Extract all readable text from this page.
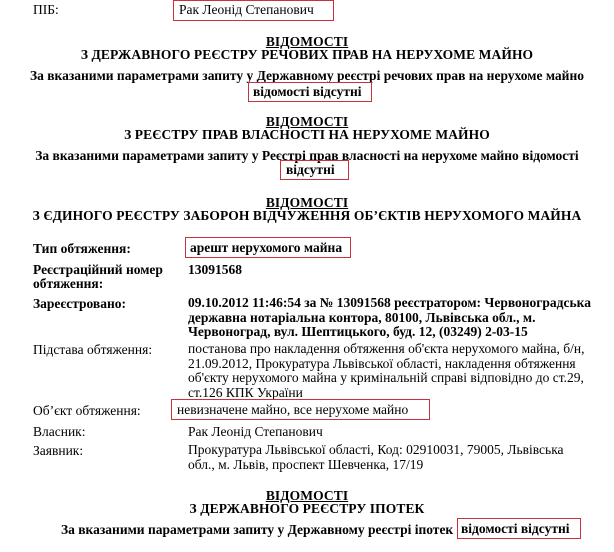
ПІБ:	Рак Леонід Степанович
ВІДОМОСТІ
З ДЕРЖАВНОГО РЕЄСТРУ РЕЧОВИХ ПРАВ НА НЕРУХОМЕ МАЙНО
За вказаними параметрами запиту у Державному реєстрі речових прав на нерухоме майно
відомості відсутні
ВІДОМОСТІ
З РЕЄСТРУ ПРАВ ВЛАСНОСТІ НА НЕРУХОМЕ МАЙНО
За вказаними параметрами запиту у Реєстрі прав власності на нерухоме майно відомості
відсутні
ВІДОМОСТІ
З ЄДИНОГО РЕЄСТРУ ЗАБОРОН ВІДЧУЖЕННЯ ОБ’ЄКТІВ НЕРУХОМОГО МАЙНА
Тип обтяження:	арешт нерухомого майна
Реєстраційний номер
обтяження:
13091568
Зареєстровано:	09.10.2012 11:46:54 за № 13091568 реєстратором: Червоноградська
державна нотаріальна контора, 80100, Львівська обл., м.
Червоноград, вул. Шептицького, буд. 12, (03249) 2-03-15
Підстава обтяження:	постанова про накладення обтяження об'єкта нерухомого майна, б/н,
21.09.2012, Прокуратура Львівської області, накладення обтяження
об'єкту нерухомого майна у кримінальній справі відповідно до ст.29,
ст.126 КПК України
Об’єкт обтяження:	невизначене майно, все нерухоме майно
Власник:	Рак Леонід Степанович
Заявник:	Прокуратура Львівської області, Код: 02910031, 79005, Львівська
обл., м. Львів, проспект Шевченка, 17/19
ВІДОМОСТІ
З ДЕРЖАВНОГО РЕЄСТРУ ІПОТЕК
За вказаними параметрами запиту у Державному реєстрі іпотек відомості відсутні
